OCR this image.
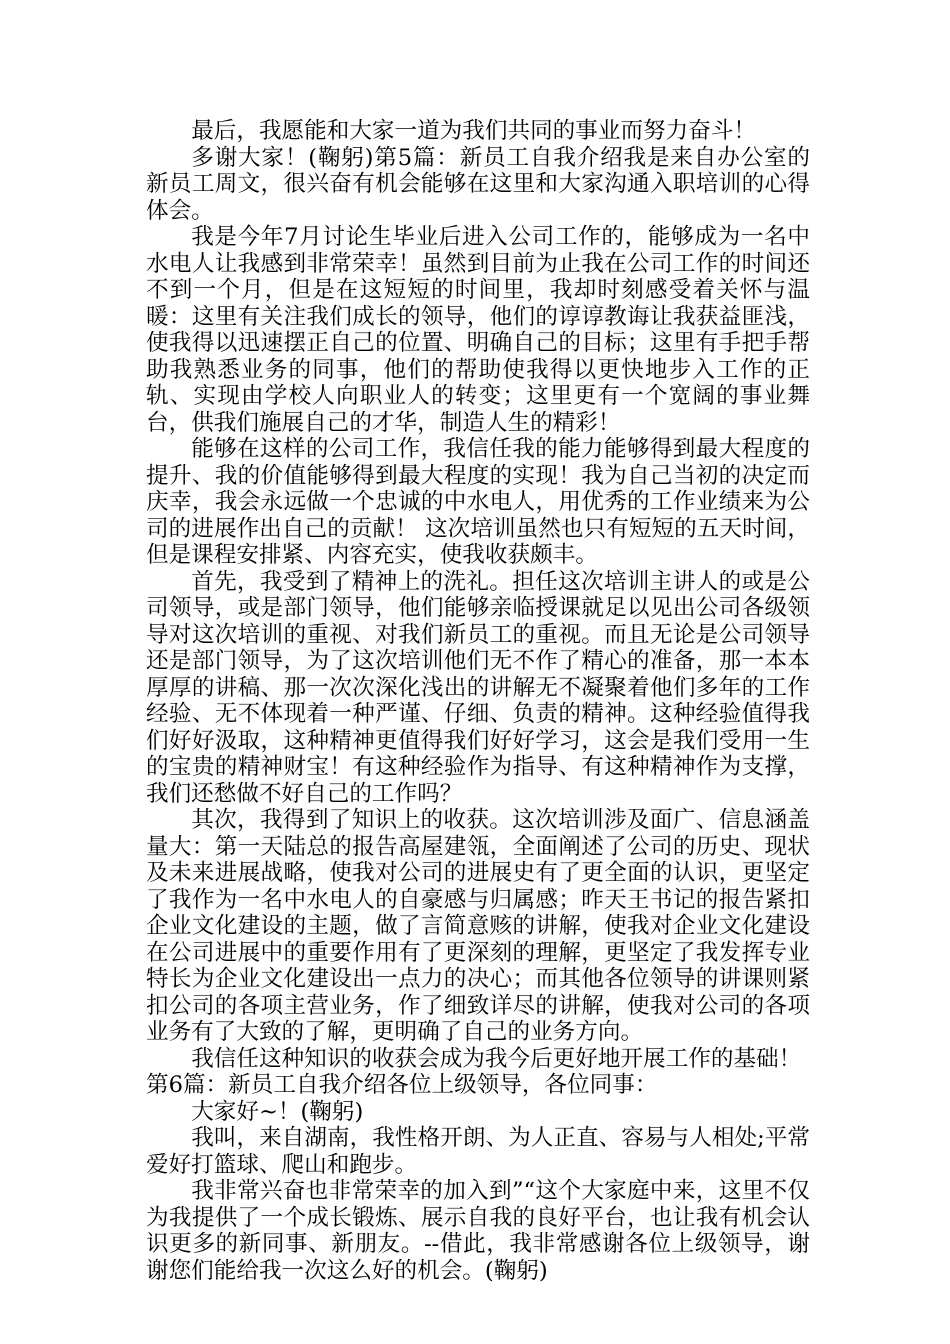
最后，我愿能和大家一道为我们共同的事业而努力奋斗！

多谢大家！(鞠躬)第5篇：新员工自我介绍我是来自办公室的新员工周文，很兴奋有机会能够在这里和大家沟通入职培训的心得体会。

我是今年7月讨论生毕业后进入公司工作的，能够成为一名中水电人让我感到非常荣幸！虽然到目前为止我在公司工作的时间还不到一个月，但是在这短短的时间里，我却时刻感受着关怀与温暖：这里有关注我们成长的领导，他们的谆谆教诲让我获益匪浅，使我得以迅速摆正自己的位置、明确自己的目标；这里有手把手帮助我熟悉业务的同事，他们的帮助使我得以更快地步入工作的正轨、实现由学校人向职业人的转变；这里更有一个宽阔的事业舞台，供我们施展自己的才华，制造人生的精彩！

能够在这样的公司工作，我信任我的能力能够得到最大程度的提升、我的价值能够得到最大程度的实现！我为自己当初的决定而庆幸，我会永远做一个忠诚的中水电人，用优秀的工作业绩来为公司的进展作出自己的贡献！ 这次培训虽然也只有短短的五天时间，但是课程安排紧、内容充实，使我收获颇丰。

首先，我受到了精神上的洗礼。担任这次培训主讲人的或是公司领导，或是部门领导，他们能够亲临授课就足以见出公司各级领导对这次培训的重视、对我们新员工的重视。而且无论是公司领导还是部门领导，为了这次培训他们无不作了精心的准备，那一本本厚厚的讲稿、那一次次深化浅出的讲解无不凝聚着他们多年的工作经验、无不体现着一种严谨、仔细、负责的精神。这种经验值得我们好好汲取，这种精神更值得我们好好学习，这会是我们受用一生的宝贵的精神财宝！有这种经验作为指导、有这种精神作为支撑，我们还愁做不好自己的工作吗？

其次，我得到了知识上的收获。这次培训涉及面广、信息涵盖量大：第一天陆总的报告高屋建瓴，全面阐述了公司的历史、现状及未来进展战略，使我对公司的进展史有了更全面的认识，更坚定了我作为一名中水电人的自豪感与归属感；昨天王书记的报告紧扣企业文化建设的主题，做了言简意赅的讲解，使我对企业文化建设在公司进展中的重要作用有了更深刻的理解，更坚定了我发挥专业特长为企业文化建设出一点力的决心；而其他各位领导的讲课则紧扣公司的各项主营业务，作了细致详尽的讲解，使我对公司的各项业务有了大致的了解，更明确了自己的业务方向。

我信任这种知识的收获会成为我今后更好地开展工作的基础！

第6篇：新员工自我介绍各位上级领导，各位同事：

大家好~！(鞠躬)

我叫，来自湖南，我性格开朗、为人正直、容易与人相处;平常爱好打篮球、爬山和跑步。

我非常兴奋也非常荣幸的加入到”“这个大家庭中来，这里不仅为我提供了一个成长锻炼、展示自我的良好平台，也让我有机会认识更多的新同事、新朋友。--借此，我非常感谢各位上级领导，谢谢您们能给我一次这么好的机会。(鞠躬)
